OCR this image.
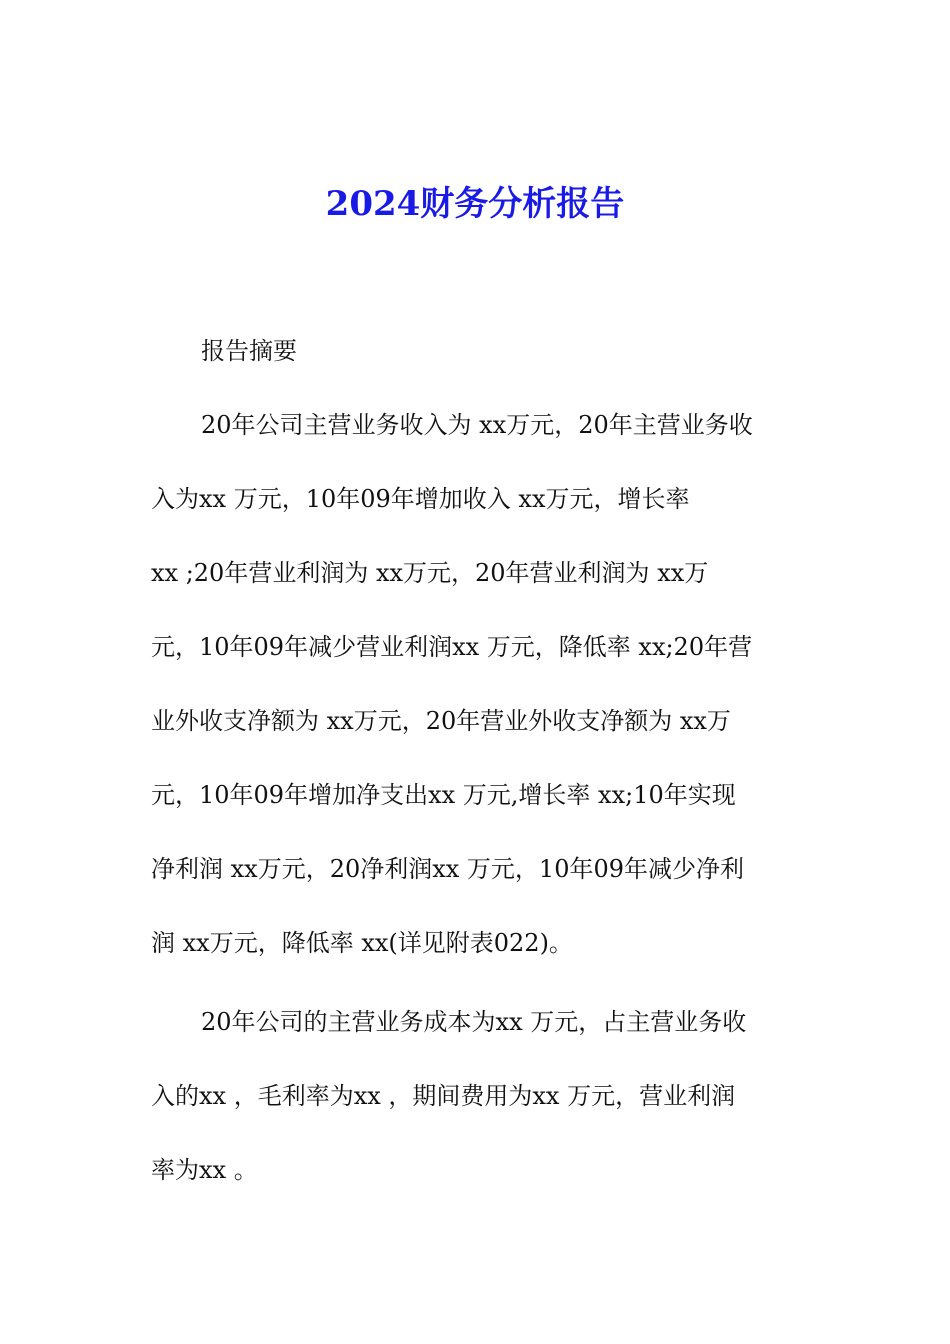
2024财务分析报告
报告摘要
20年公司主营业务收入为 xx万元，20年主营业务收
入为xx 万元，10年09年增加收入 xx万元，增长率
xx ;20年营业利润为 xx万元，20年营业利润为 xx万
元，10年09年减少营业利润xx 万元，降低率 xx;20年营
业外收支净额为 xx万元，20年营业外收支净额为 xx万
元，10年09年增加净支出xx 万元,增长率 xx;10年实现
净利润 xx万元，20净利润xx 万元，10年09年减少净利
润 xx万元，降低率 xx(详见附表022)。
20年公司的主营业务成本为xx 万元，占主营业务收
入的xx ，毛利率为xx ，期间费用为xx 万元，营业利润
率为xx 。
